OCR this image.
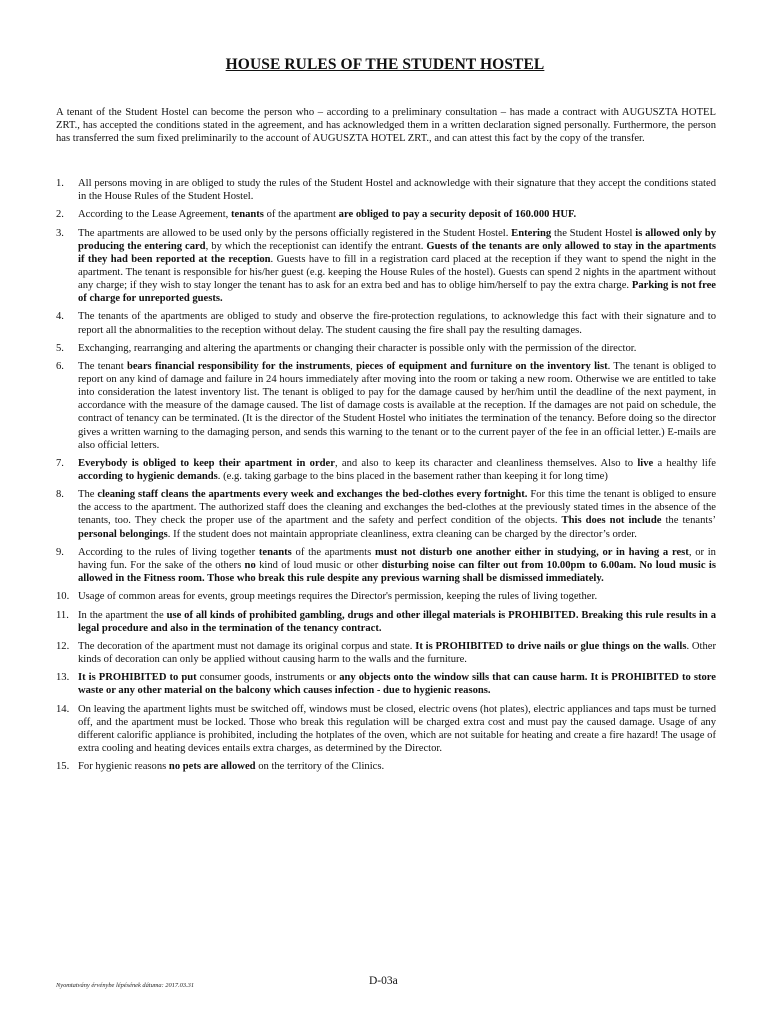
HOUSE RULES OF THE STUDENT HOSTEL
A tenant of the Student Hostel can become the person who – according to a preliminary consultation – has made a contract with AUGUSZTA HOTEL ZRT., has accepted the conditions stated in the agreement, and has acknowledged them in a written declaration signed personally. Furthermore, the person has transferred the sum fixed preliminarily to the account of AUGUSZTA HOTEL ZRT., and can attest this fact by the copy of the transfer.
1. All persons moving in are obliged to study the rules of the Student Hostel and acknowledge with their signature that they accept the conditions stated in the House Rules of the Student Hostel.
2. According to the Lease Agreement, tenants of the apartment are obliged to pay a security deposit of 160.000 HUF.
3. The apartments are allowed to be used only by the persons officially registered in the Student Hostel. Entering the Student Hostel is allowed only by producing the entering card, by which the receptionist can identify the entrant. Guests of the tenants are only allowed to stay in the apartments if they had been reported at the reception. Guests have to fill in a registration card placed at the reception if they want to spend the night in the apartment. The tenant is responsible for his/her guest (e.g. keeping the House Rules of the hostel). Guests can spend 2 nights in the apartment without any charge; if they wish to stay longer the tenant has to ask for an extra bed and has to oblige him/herself to pay the extra charge. Parking is not free of charge for unreported guests.
4. The tenants of the apartments are obliged to study and observe the fire-protection regulations, to acknowledge this fact with their signature and to report all the abnormalities to the reception without delay. The student causing the fire shall pay the resulting damages.
5. Exchanging, rearranging and altering the apartments or changing their character is possible only with the permission of the director.
6. The tenant bears financial responsibility for the instruments, pieces of equipment and furniture on the inventory list. The tenant is obliged to report on any kind of damage and failure in 24 hours immediately after moving into the room or taking a new room. Otherwise we are entitled to take into consideration the latest inventory list. The tenant is obliged to pay for the damage caused by her/him until the deadline of the next payment, in accordance with the measure of the damage caused. The list of damage costs is available at the reception. If the damages are not paid on schedule, the contract of tenancy can be terminated. (It is the director of the Student Hostel who initiates the termination of the tenancy. Before doing so the director gives a written warning to the damaging person, and sends this warning to the tenant or to the current payer of the fee in an official letter.) E-mails are also official letters.
7. Everybody is obliged to keep their apartment in order, and also to keep its character and cleanliness themselves. Also to live a healthy life according to hygienic demands. (e.g. taking garbage to the bins placed in the basement rather than keeping it for long time)
8. The cleaning staff cleans the apartments every week and exchanges the bed-clothes every fortnight. For this time the tenant is obliged to ensure the access to the apartment. The authorized staff does the cleaning and exchanges the bed-clothes at the previously stated times in the absence of the tenants, too. They check the proper use of the apartment and the safety and perfect condition of the objects. This does not include the tenants’ personal belongings. If the student does not maintain appropriate cleanliness, extra cleaning can be charged by the director’s order.
9. According to the rules of living together tenants of the apartments must not disturb one another either in studying, or in having a rest, or in having fun. For the sake of the others no kind of loud music or other disturbing noise can filter out from 10.00pm to 6.00am. No loud music is allowed in the Fitness room. Those who break this rule despite any previous warning shall be dismissed immediately.
10. Usage of common areas for events, group meetings requires the Director's permission, keeping the rules of living together.
11. In the apartment the use of all kinds of prohibited gambling, drugs and other illegal materials is PROHIBITED. Breaking this rule results in a legal procedure and also in the termination of the tenancy contract.
12. The decoration of the apartment must not damage its original corpus and state. It is PROHIBITED to drive nails or glue things on the walls. Other kinds of decoration can only be applied without causing harm to the walls and the furniture.
13. It is PROHIBITED to put consumer goods, instruments or any objects onto the window sills that can cause harm. It is PROHIBITED to store waste or any other material on the balcony which causes infection - due to hygienic reasons.
14. On leaving the apartment lights must be switched off, windows must be closed, electric ovens (hot plates), electric appliances and taps must be turned off, and the apartment must be locked. Those who break this regulation will be charged extra cost and must pay the caused damage. Usage of any different calorific appliance is prohibited, including the hotplates of the oven, which are not suitable for heating and create a fire hazard! The usage of extra cooling and heating devices entails extra charges, as determined by the Director.
15. For hygienic reasons no pets are allowed on the territory of the Clinics.
Nyomtatvány érvénybe lépésének dátuma: 2017.03.31	D-03a
